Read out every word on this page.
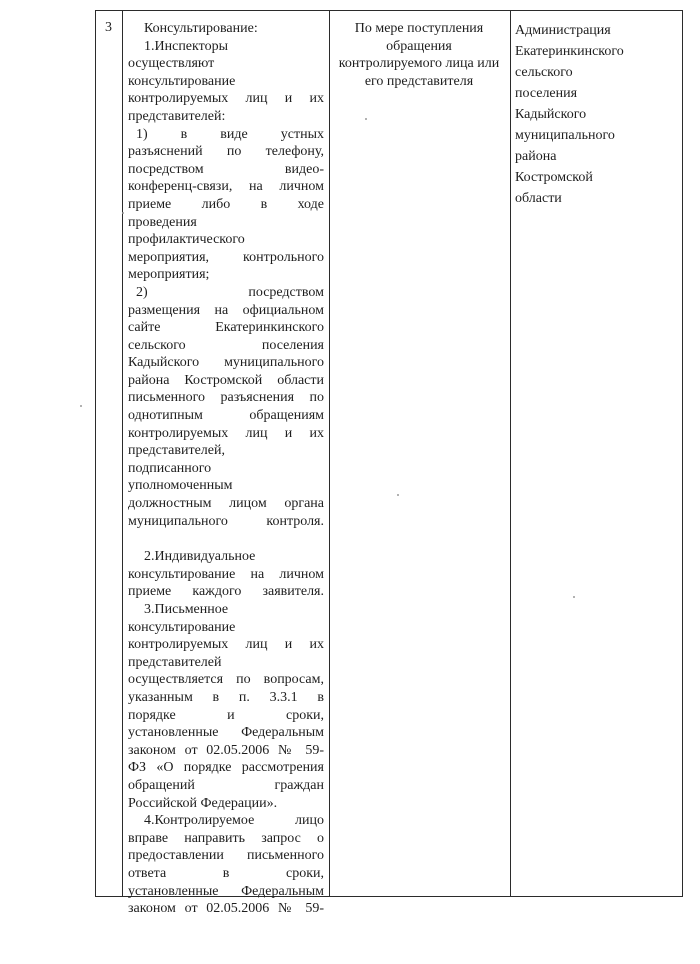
3	Консультирование:
1.Инспекторы
осуществляют
консультирование
контролируемых лиц и их
представителей:
1) в виде устных
разъяснений по телефону,
посредством видео-
конференц-связи, на личном
приеме либо в ходе
проведения
профилактического
мероприятия, контрольного
мероприятия;
2) посредством
размещения на официальном
сайте Екатеринкинского
сельского поселения
Кадыйского муниципального
района Костромской области
письменного разъяснения по
однотипным обращениям
контролируемых лиц и их
представителей,
подписанного
уполномоченным
должностным лицом органа
муниципального контроля.
2.Индивидуальное
консультирование на личном
приеме каждого заявителя.
3.Письменное
консультирование
контролируемых лиц и их
представителей
осуществляется по вопросам,
указанным в п. 3.3.1 в
порядке и сроки,
установленные Федеральным
законом от 02.05.2006 № 59-
ФЗ «О порядке рассмотрения
обращений граждан
Российской Федерации».
4.Контролируемое лицо
вправе направить запрос о
предоставлении письменного
ответа в сроки,
установленные Федеральным
законом от 02.05.2006 № 59-
По мере поступления
обращения
контролируемого лица или
его представителя
Администрация
Екатеринкинского
сельского
поселения
Кадыйского
муниципального
района
Костромской
области
